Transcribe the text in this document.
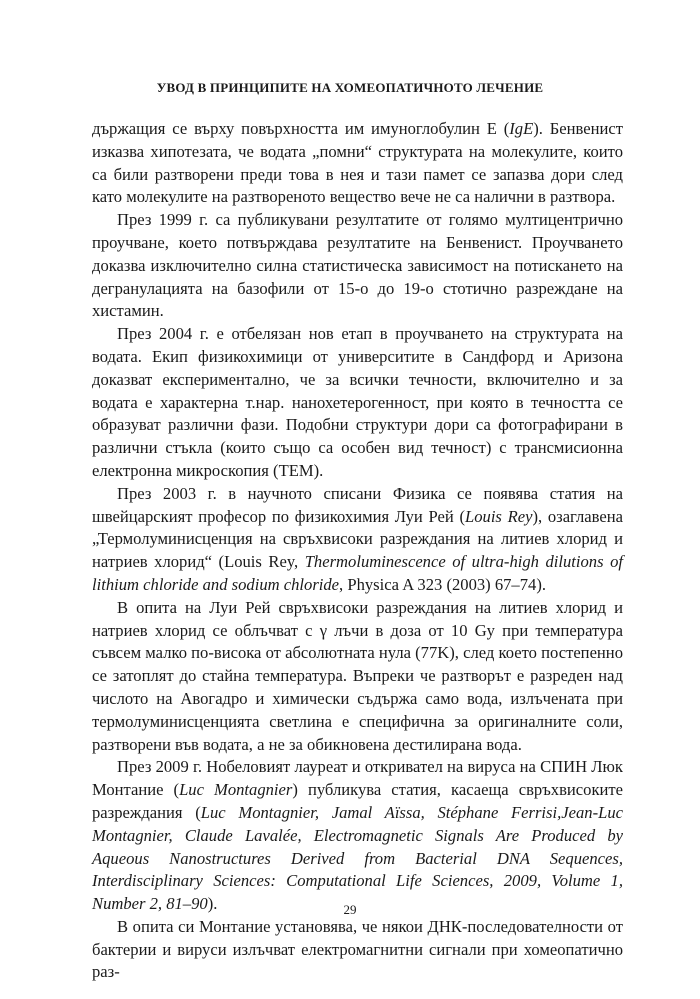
УВОД В ПРИНЦИПИТЕ НА ХОМЕОПАТИЧНОТО ЛЕЧЕНИЕ

държащия се върху повърхността им имуноглобулин Е (IgE). Бенвенист изказва хипотезата, че водата „помни“ структурата на молекулите, които са били разтворени преди това в нея и тази памет се запазва дори след като молекулите на разтвореното вещество вече не са налични в разтвора.

През 1999 г. са публикувани резултатите от голямо мултицентрично проучване, което потвърждава резултатите на Бенвенист. Проучването доказва изключително силна статистическа зависимост на потискането на дегранулацията на базофили от 15-о до 19-о стотично разреждане на хистамин.

През 2004 г. е отбелязан нов етап в проучването на структурата на водата. Екип физикохимици от университите в Сандфорд и Аризона доказват експериментално, че за всички течности, включително и за водата е характерна т.нар. нанохетерогенност, при която в течността се образуват различни фази. Подобни структури дори са фотографирани в различни стъкла (които също са особен вид течност) с трансмисионна електронна микроскопия (TEM).

През 2003 г. в научното списани Физика се появява статия на швейцарският професор по физикохимия Луи Рей (Louis Rey), озаглавена „Термолуминисценция на свръхвисоки разреждания на литиев хлорид и натриев хлорид“ (Louis Rey, Thermoluminescence of ultra-high dilutions of lithium chloride and sodium chloride, Physica A 323 (2003) 67–74).

В опита на Луи Рей свръхвисоки разреждания на литиев хлорид и натриев хлорид се облъчват с γ лъчи в доза от 10 Gy при температура съвсем малко по-висока от абсолютната нула (77K), след което постепенно се затоплят до стайна температура. Въпреки че разтворът е разреден над числото на Авогадро и химически съдържа само вода, излъчената при термолуминисценцията светлина е специфична за оригиналните соли, разтворени във водата, а не за обикновена дестилирана вода.

През 2009 г. Нобеловият лауреат и откривател на вируса на СПИН Люк Монтание (Luc Montagnier) публикува статия, касаеща свръхвисоките разреждания (Luc Montagnier, Jamal Aïssa, Stéphane Ferrisi,Jean-Luc Montagnier, Claude Lavalée, Electromagnetic Signals Are Produced by Aqueous Nanostructures Derived from Bacterial DNA Sequences, Interdisciplinary Sciences: Computational Life Sciences, 2009, Volume 1, Number 2, 81–90).

В опита си Монтание установява, че някои ДНК-последователности от бактерии и вируси излъчват електромагнитни сигнали при хомеопатично раз-

29
